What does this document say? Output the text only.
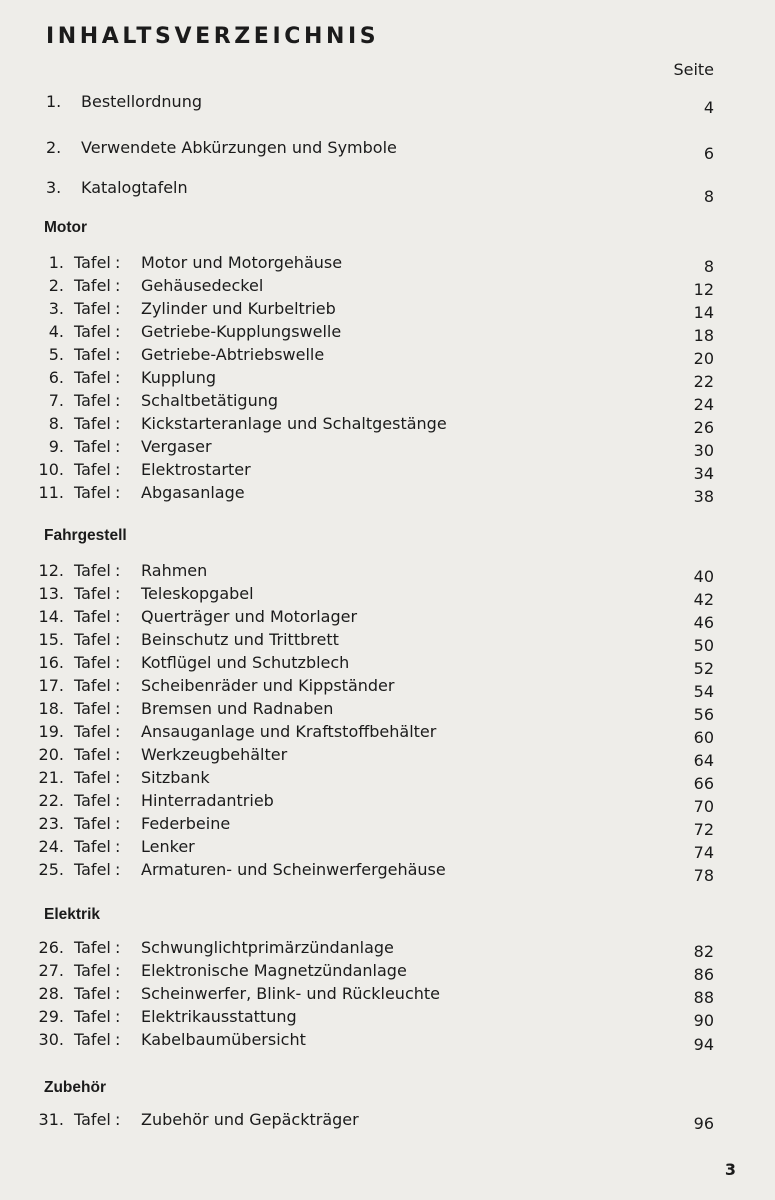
INHALTSVERZEICHNIS
Seite
1. Bestellordnung	4
2. Verwendete Abkürzungen und Symbole	6
3. Katalogtafeln	8
Motor
Fahrgestell
Elektrik
Zubehör
1. Tafel : Motor und Motorgehäuse	8
2. Tafel : Gehäusedeckel	12
3. Tafel : Zylinder und Kurbeltrieb	14
4. Tafel : Getriebe-Kupplungswelle	18
5. Tafel : Getriebe-Abtriebswelle	20
6. Tafel : Kupplung	22
7. Tafel : Schaltbetätigung	24
8. Tafel : Kickstarteranlage und Schaltgestänge	26
9. Tafel : Vergaser	30
10. Tafel : Elektrostarter	34
11. Tafel : Abgasanlage	38
12. Tafel : Rahmen	40
13. Tafel : Teleskopgabel	42
14. Tafel : Querträger und Motorlager	46
15. Tafel : Beinschutz und Trittbrett	50
16. Tafel : Kotflügel und Schutzblech	52
17. Tafel : Scheibenräder und Kippständer	54
18. Tafel : Bremsen und Radnaben	56
19. Tafel : Ansauganlage und Kraftstoffbehälter	60
20. Tafel : Werkzeugbehälter	64
21. Tafel : Sitzbank	66
22. Tafel : Hinterradantrieb	70
23. Tafel : Federbeine	72
24. Tafel : Lenker	74
25. Tafel : Armaturen- und Scheinwerfergehäuse	78
26. Tafel : Schwunglichtprimärzündanlage	82
27. Tafel : Elektronische Magnetzündanlage	86
28. Tafel : Scheinwerfer, Blink- und Rückleuchte	88
29. Tafel : Elektrikausstattung	90
30. Tafel : Kabelbaumübersicht	94
31. Tafel : Zubehör und Gepäckträger	96
3
